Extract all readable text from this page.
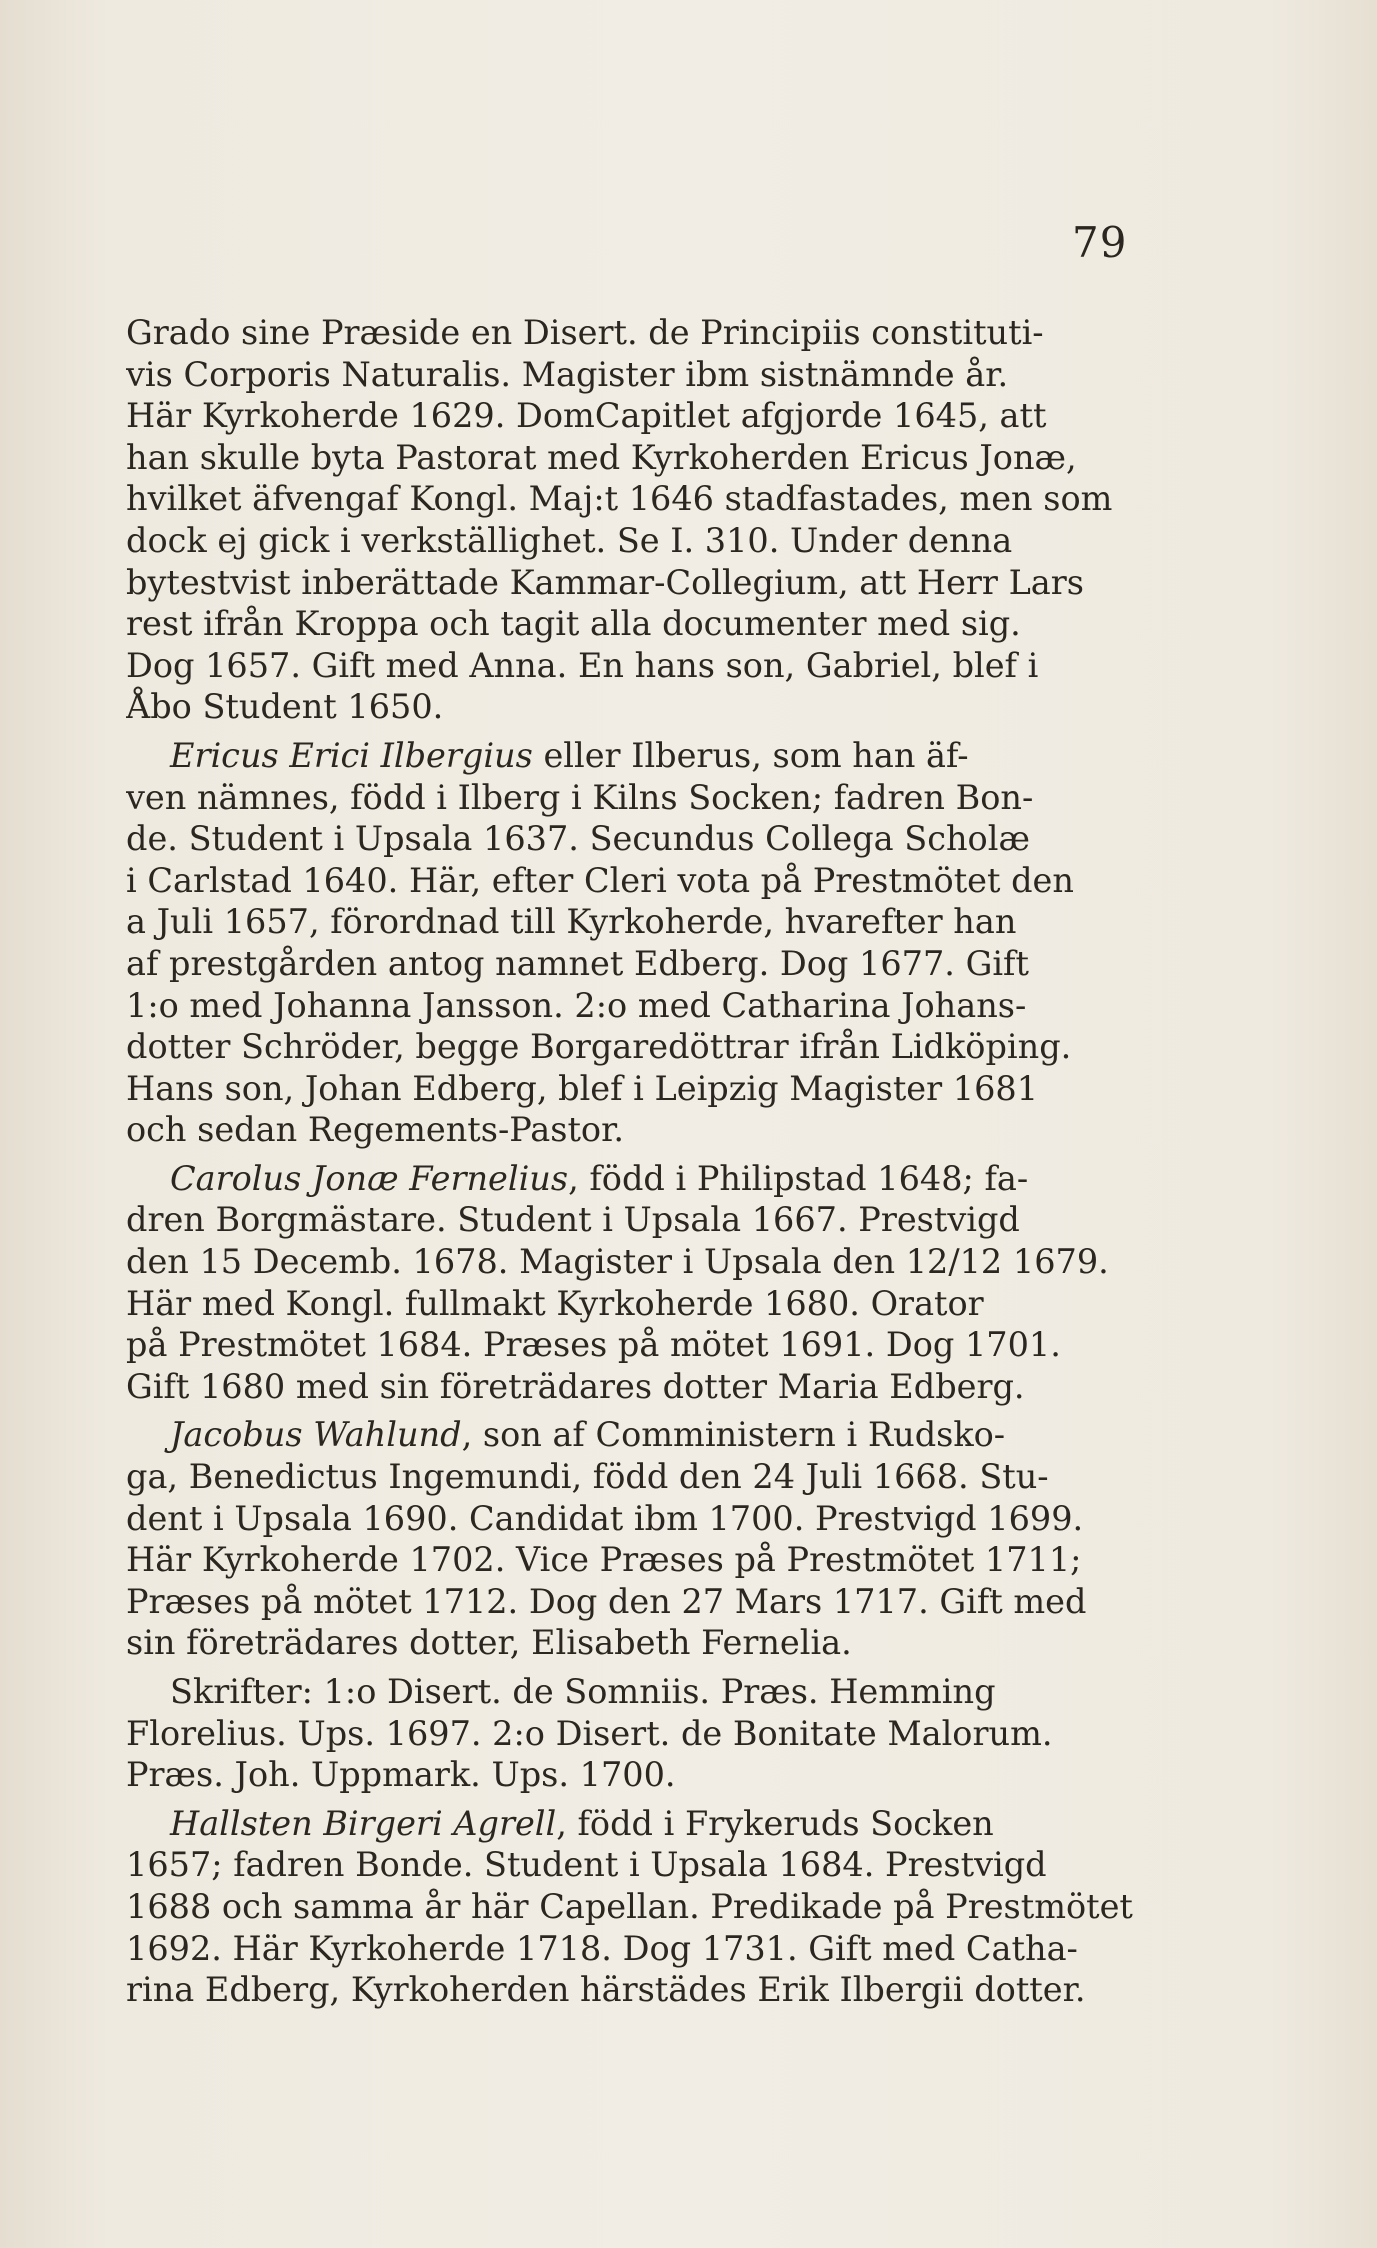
79
Grado sine Præside en Disert. de Principiis constituti-
vis Corporis Naturalis. Magister ibm sistnämnde år.
Här Kyrkoherde 1629. DomCapitlet afgjorde 1645, att
han skulle byta Pastorat med Kyrkoherden Ericus Jonæ,
hvilket äfvengaf Kongl. Maj:t 1646 stadfastades, men som
dock ej gick i verkställighet. Se I. 310. Under denna
bytestvist inberättade Kammar-Collegium, att Herr Lars
rest ifrån Kroppa och tagit alla documenter med sig.
Dog 1657. Gift med Anna. En hans son, Gabriel, blef i
Åbo Student 1650.
Ericus Erici Ilbergius eller Ilberus, som han äf-
ven nämnes, född i Ilberg i Kilns Socken; fadren Bon-
de. Student i Upsala 1637. Secundus Collega Scholæ
i Carlstad 1640. Här, efter Cleri vota på Prestmötet den
a Juli 1657, förordnad till Kyrkoherde, hvarefter han
af prestgården antog namnet Edberg. Dog 1677. Gift
1:o med Johanna Jansson. 2:o med Catharina Johans-
dotter Schröder, begge Borgaredöttrar ifrån Lidköping.
Hans son, Johan Edberg, blef i Leipzig Magister 1681
och sedan Regements-Pastor.
Carolus Jonæ Fernelius, född i Philipstad 1648; fa-
dren Borgmästare. Student i Upsala 1667. Prestvigd
den 15 Decemb. 1678. Magister i Upsala den 12/12 1679.
Här med Kongl. fullmakt Kyrkoherde 1680. Orator
på Prestmötet 1684. Præses på mötet 1691. Dog 1701.
Gift 1680 med sin företrädares dotter Maria Edberg.
Jacobus Wahlund, son af Comministern i Rudsko-
ga, Benedictus Ingemundi, född den 24 Juli 1668. Stu-
dent i Upsala 1690. Candidat ibm 1700. Prestvigd 1699.
Här Kyrkoherde 1702. Vice Præses på Prestmötet 1711;
Præses på mötet 1712. Dog den 27 Mars 1717. Gift med
sin företrädares dotter, Elisabeth Fernelia.
Skrifter: 1:o Disert. de Somniis. Præs. Hemming
Florelius. Ups. 1697. 2:o Disert. de Bonitate Malorum.
Præs. Joh. Uppmark. Ups. 1700.
Hallsten Birgeri Agrell, född i Frykeruds Socken
1657; fadren Bonde. Student i Upsala 1684. Prestvigd
1688 och samma år här Capellan. Predikade på Prestmötet
1692. Här Kyrkoherde 1718. Dog 1731. Gift med Catha-
rina Edberg, Kyrkoherden härstädes Erik Ilbergii dotter.
